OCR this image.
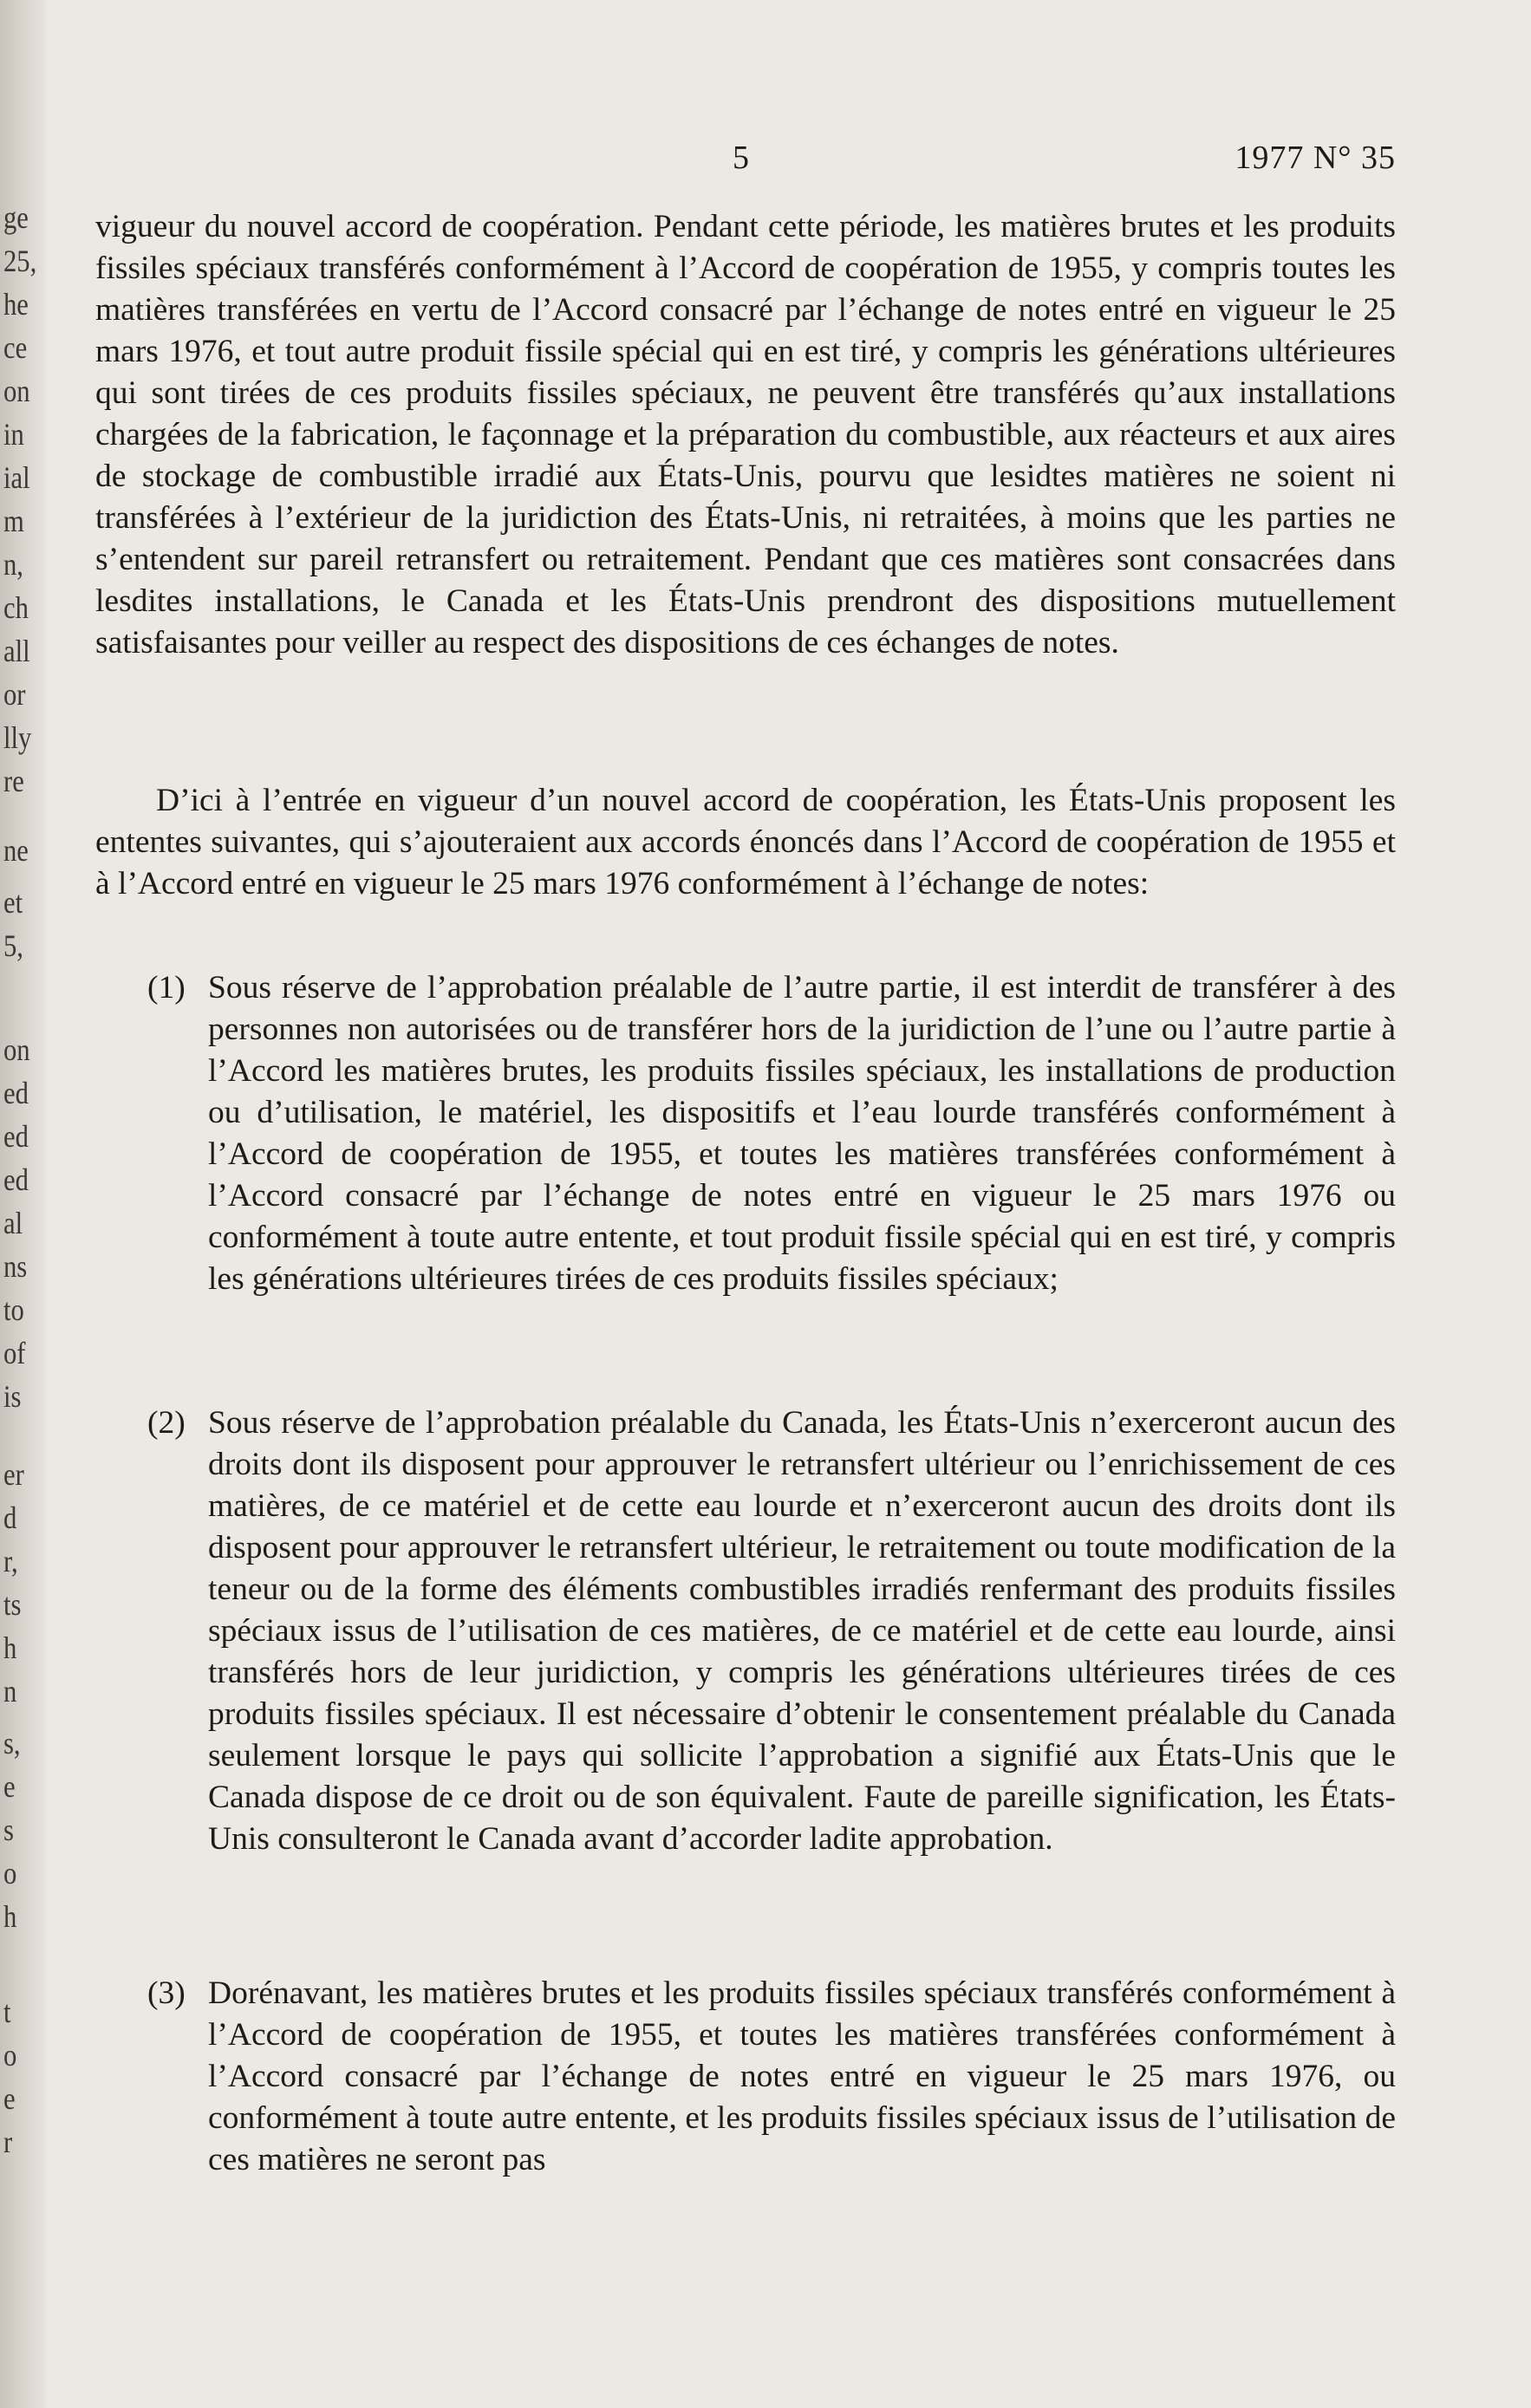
ge
25,
he
ce
on
in
ial
m
n,
ch
all
or
lly
re
ne
et
5,
on
ed
ed
ed
al
ns
to
of
is
er
d
r,
ts
h
n
s,
e
s
o
h
t
o
e
r

5	1977 N° 35

vigueur du nouvel accord de coopération. Pendant cette période, les matières brutes et les produits fissiles spéciaux transférés conformément à l’Accord de coopération de 1955, y compris toutes les matières transférées en vertu de l’Accord consacré par l’échange de notes entré en vigueur le 25 mars 1976, et tout autre produit fissile spécial qui en est tiré, y compris les générations ultérieures qui sont tirées de ces produits fissiles spéciaux, ne peuvent être transférés qu’aux installations chargées de la fabrication, le façonnage et la préparation du combustible, aux réacteurs et aux aires de stockage de combustible irradié aux États-Unis, pourvu que lesidtes matières ne soient ni transférées à l’extérieur de la juridiction des États-Unis, ni retraitées, à moins que les parties ne s’entendent sur pareil retransfert ou retraitement. Pendant que ces matières sont consacrées dans lesdites installations, le Canada et les États-Unis prendront des dispositions mutuellement satisfaisantes pour veiller au respect des dispositions de ces échanges de notes.

D’ici à l’entrée en vigueur d’un nouvel accord de coopération, les États-Unis proposent les ententes suivantes, qui s’ajouteraient aux accords énoncés dans l’Accord de coopération de 1955 et à l’Accord entré en vigueur le 25 mars 1976 conformément à l’échange de notes:

(1) Sous réserve de l’approbation préalable de l’autre partie, il est interdit de transférer à des personnes non autorisées ou de transférer hors de la juridiction de l’une ou l’autre partie à l’Accord les matières brutes, les produits fissiles spéciaux, les installations de production ou d’utilisation, le matériel, les dispositifs et l’eau lourde transférés conformément à l’Accord de coopération de 1955, et toutes les matières transférées conformément à l’Accord consacré par l’échange de notes entré en vigueur le 25 mars 1976 ou conformément à toute autre entente, et tout produit fissile spécial qui en est tiré, y compris les générations ultérieures tirées de ces produits fissiles spéciaux;

(2) Sous réserve de l’approbation préalable du Canada, les États-Unis n’exerceront aucun des droits dont ils disposent pour approuver le retransfert ultérieur ou l’enrichissement de ces matières, de ce matériel et de cette eau lourde et n’exerceront aucun des droits dont ils disposent pour approuver le retransfert ultérieur, le retraitement ou toute modification de la teneur ou de la forme des éléments combustibles irradiés renfermant des produits fissiles spéciaux issus de l’utilisation de ces matières, de ce matériel et de cette eau lourde, ainsi transférés hors de leur juridiction, y compris les générations ultérieures tirées de ces produits fissiles spéciaux. Il est nécessaire d’obtenir le consentement préalable du Canada seulement lorsque le pays qui sollicite l’approbation a signifié aux États-Unis que le Canada dispose de ce droit ou de son équivalent. Faute de pareille signification, les États-Unis consulteront le Canada avant d’accorder ladite approbation.

(3) Dorénavant, les matières brutes et les produits fissiles spéciaux transférés conformément à l’Accord de coopération de 1955, et toutes les matières transférées conformément à l’Accord consacré par l’échange de notes entré en vigueur le 25 mars 1976, ou conformément à toute autre entente, et les produits fissiles spéciaux issus de l’utilisation de ces matières ne seront pas
